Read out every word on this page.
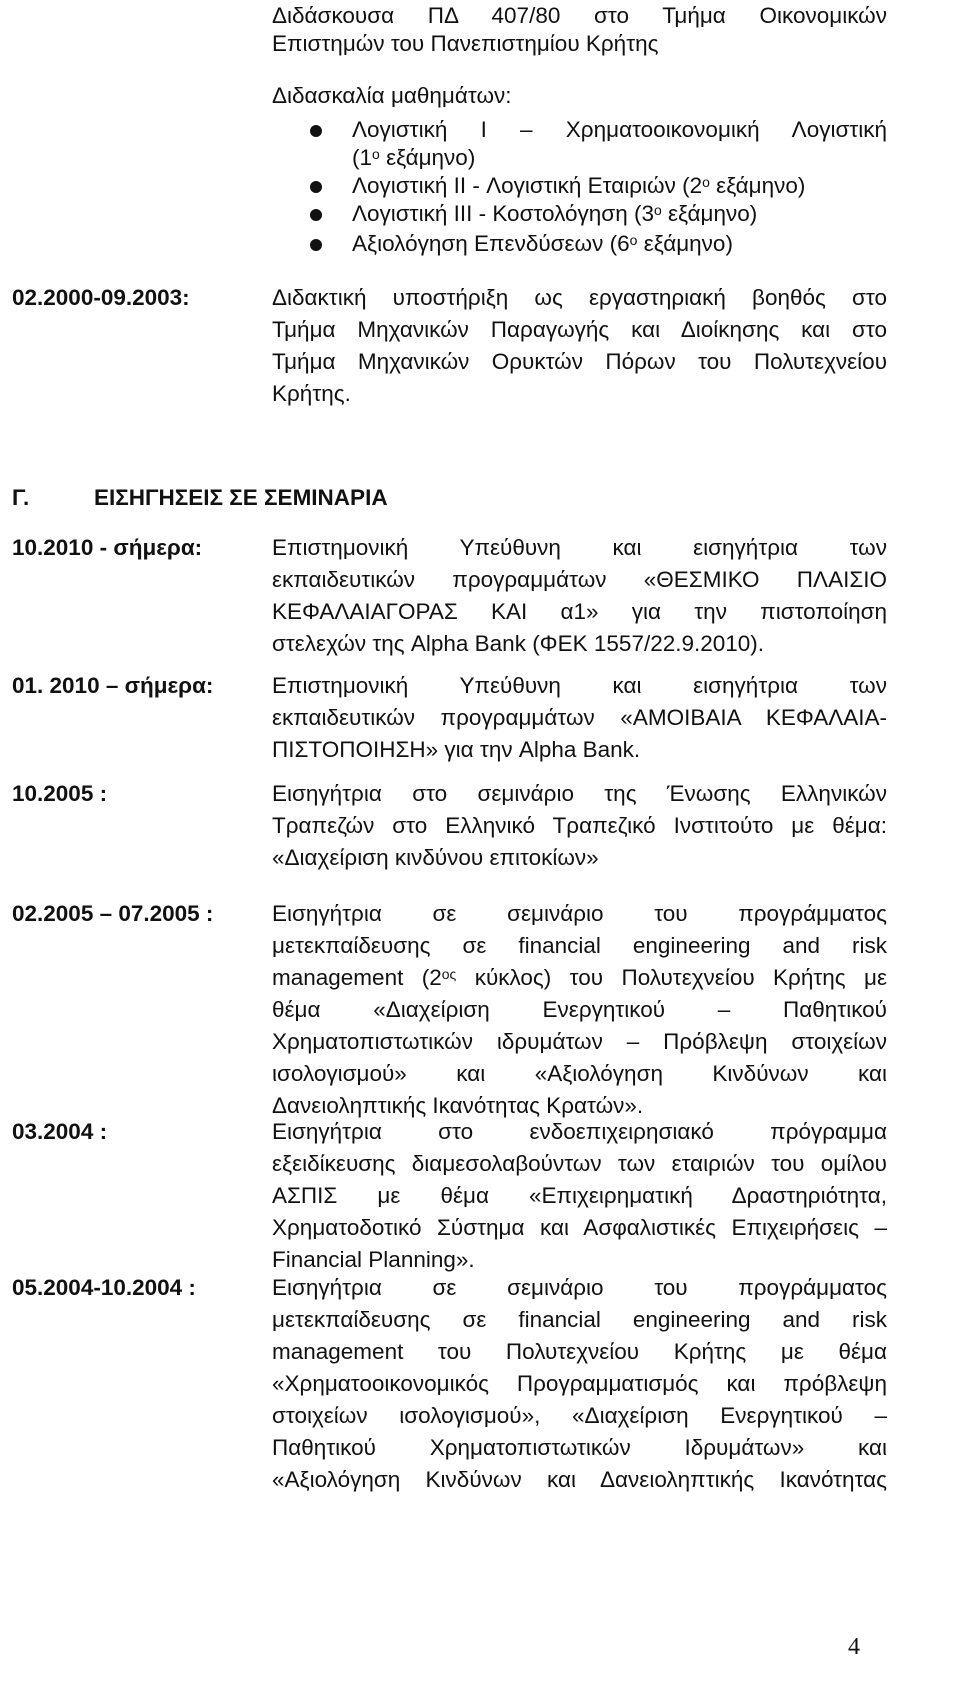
Διδάσκουσα ΠΔ 407/80 στο Τμήμα Οικονομικών
Επιστημών του Πανεπιστημίου Κρήτης
Διδασκαλία μαθημάτων:
Λογιστική I – Χρηματοοικονομική Λογιστική
($1^o$ εξάμηνο)
Λογιστική II - Λογιστική Εταιριών ($2^o$ εξάμηνο)
Λογιστική III - Κοστολόγηση ($3^o$ εξάμηνο)
Αξιολόγηση Επενδύσεων ($6^o$ εξάμηνο)
02.2000-09.2003:	Διδακτική υποστήριξη ως εργαστηριακή βοηθός στο
Τμήμα Μηχανικών Παραγωγής και Διοίκησης και στο
Τμήμα Μηχανικών Ορυκτών Πόρων του Πολυτεχνείου
Κρήτης.
Γ.	ΕΙΣΗΓΗΣΕΙΣ ΣΕ ΣΕΜΙΝΑΡΙΑ
10.2010 - σήμερα:	Επιστημονική Υπεύθυνη και εισηγήτρια των
εκπαιδευτικών προγραμμάτων «ΘΕΣΜΙΚΟ ΠΛΑΙΣΙΟ
ΚΕΦΑΛΑΙΑΓΟΡΑΣ ΚΑΙ α1» για την πιστοποίηση
στελεχών της Alpha Bank (ΦΕΚ 1557/22.9.2010).
01. 2010 – σήμερα:	Επιστημονική Υπεύθυνη και εισηγήτρια των
εκπαιδευτικών προγραμμάτων «ΑΜΟΙΒΑΙΑ ΚΕΦΑΛΑΙΑ-
ΠΙΣΤΟΠΟΙΗΣΗ» για την Alpha Bank.
10.2005 :	Εισηγήτρια στο σεμινάριο της Ένωσης Ελληνικών
Τραπεζών στο Ελληνικό Τραπεζικό Ινστιτούτο με θέμα:
«Διαχείριση κινδύνου επιτοκίων»
02.2005 – 07.2005 :	Εισηγήτρια σε σεμινάριο του προγράμματος
μετεκπαίδευσης σε financial engineering and risk
management ($2^{o\varsigma}$ κύκλος) του Πολυτεχνείου Κρήτης με
θέμα «Διαχείριση Ενεργητικού – Παθητικού
Χρηματοπιστωτικών ιδρυμάτων – Πρόβλεψη στοιχείων
ισολογισμού» και «Αξιολόγηση Κινδύνων και
Δανειοληπτικής Ικανότητας Κρατών».
03.2004 :	Εισηγήτρια στο ενδοεπιχειρησιακό πρόγραμμα
εξειδίκευσης διαμεσολαβούντων των εταιριών του ομίλου
ΑΣΠΙΣ με θέμα «Επιχειρηματική Δραστηριότητα,
Χρηματοδοτικό Σύστημα και Ασφαλιστικές Επιχειρήσεις –
Financial Planning».
05.2004-10.2004 :	Εισηγήτρια σε σεμινάριο του προγράμματος
μετεκπαίδευσης σε financial engineering and risk
management του Πολυτεχνείου Κρήτης με θέμα
«Χρηματοοικονομικός Προγραμματισμός και πρόβλεψη
στοιχείων ισολογισμού», «Διαχείριση Ενεργητικού –
Παθητικού Χρηματοπιστωτικών Ιδρυμάτων» και
«Αξιολόγηση Κινδύνων και Δανειοληπτικής Ικανότητας
4
